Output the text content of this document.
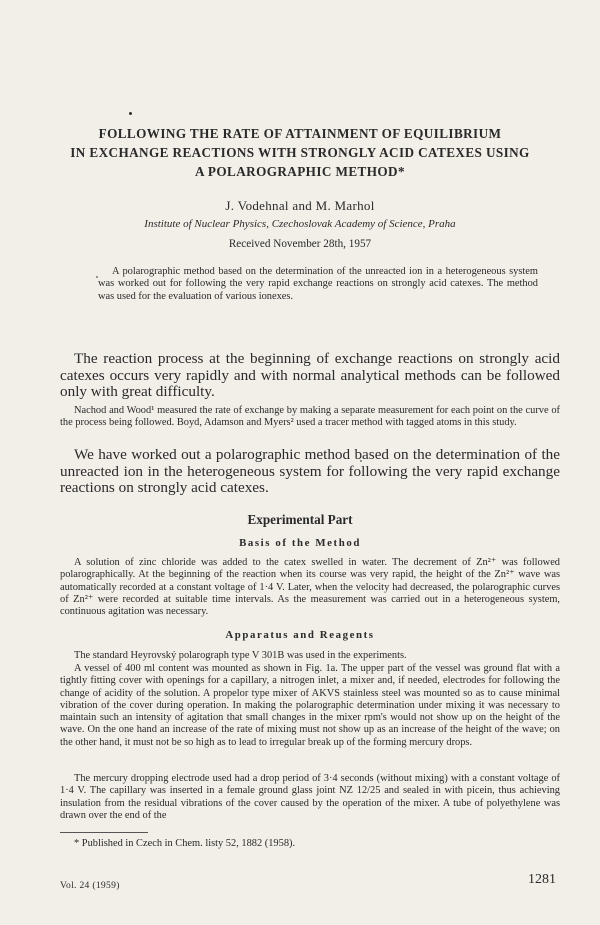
FOLLOWING THE RATE OF ATTAINMENT OF EQUILIBRIUM
IN EXCHANGE REACTIONS WITH STRONGLY ACID CATEXES USING
A POLAROGRAPHIC METHOD*
J. Vodehnal and M. Marhol
Institute of Nuclear Physics, Czechoslovak Academy of Science, Praha
Received November 28th, 1957

A polarographic method based on the determination of the unreacted ion in a heterogeneous system was worked out for following the very rapid exchange reactions on strongly acid catexes. The method was used for the evaluation of various ionexes.

The reaction process at the beginning of exchange reactions on strongly acid catexes occurs very rapidly and with normal analytical methods can be followed only with great difficulty.

Nachod and Wood¹ measured the rate of exchange by making a separate measurement for each point on the curve of the process being followed. Boyd, Adamson and Myers² used a tracer method with tagged atoms in this study.

We have worked out a polarographic method based on the determination of the unreacted ion in the heterogeneous system for following the very rapid exchange reactions on strongly acid catexes.

Experimental Part
Basis of the Method

A solution of zinc chloride was added to the catex swelled in water. The decrement of Zn²⁺ was followed polarographically. At the beginning of the reaction when its course was very rapid, the height of the Zn²⁺ wave was automatically recorded at a constant voltage of 1·4 V. Later, when the velocity had decreased, the polarographic curves of Zn²⁺ were recorded at suitable time intervals. As the measurement was carried out in a heterogeneous system, continuous agitation was necessary.

Apparatus and Reagents

The standard Heyrovský polarograph type V 301B was used in the experiments.

A vessel of 400 ml content was mounted as shown in Fig. 1a. The upper part of the vessel was ground flat with a tightly fitting cover with openings for a capillary, a nitrogen inlet, a mixer and, if needed, electrodes for following the change of acidity of the solution. A propelor type mixer of AKVS stainless steel was mounted so as to cause minimal vibration of the cover during operation. In making the polarographic determination under mixing it was necessary to maintain such an intensity of agitation that small changes in the mixer rpm's would not show up on the height of the wave. On the one hand an increase of the rate of mixing must not show up as an increase of the height of the wave; on the other hand, it must not be so high as to lead to irregular break up of the forming mercury drops.

The mercury dropping electrode used had a drop period of 3·4 seconds (without mixing) with a constant voltage of 1·4 V. The capillary was inserted in a female ground glass joint NZ 12/25 and sealed in with picein, thus achieving insulation from the residual vibrations of the cover caused by the operation of the mixer. A tube of polyethylene was drawn over the end of the

* Published in Czech in Chem. listy 52, 1882 (1958).

Vol. 24 (1959)	1281
